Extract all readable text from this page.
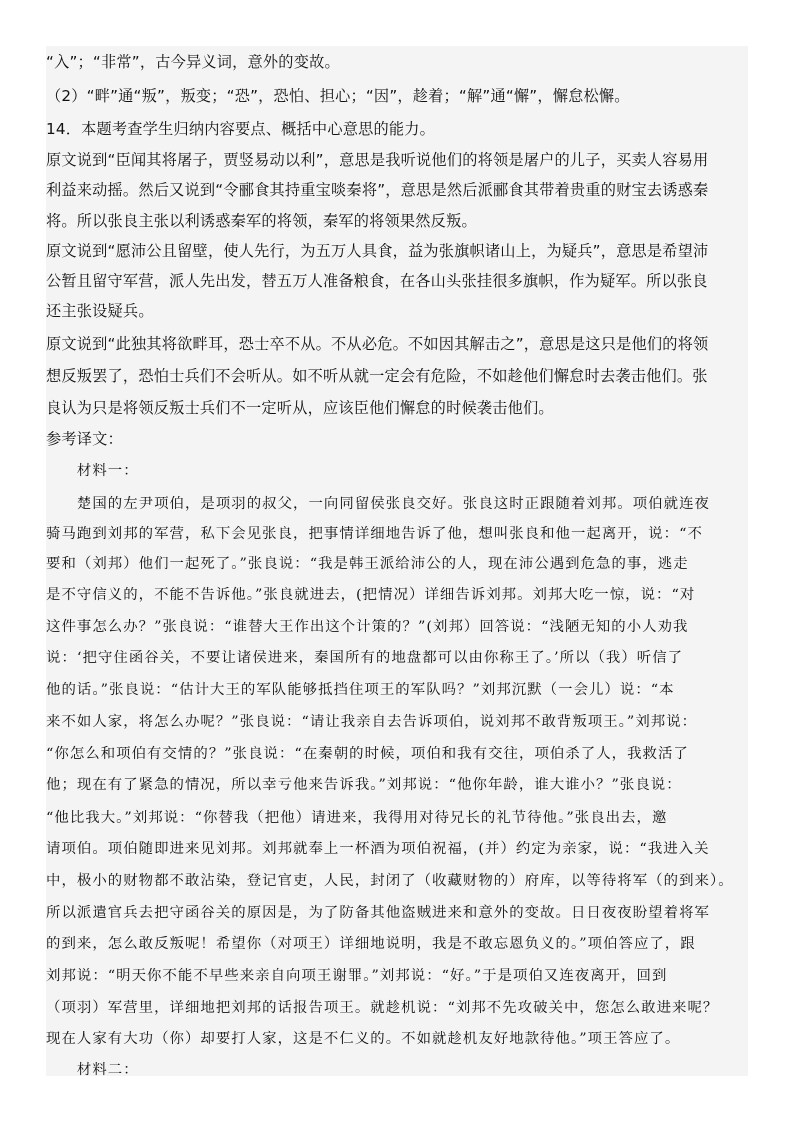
“入”；“非常”，古今异义词，意外的变故。
（2）“畔”通“叛”，叛变；“恐”，恐怕、担心；“因”，趁着；“解”通“懈”，懈怠松懈。
14．本题考查学生归纳内容要点、概括中心意思的能力。
原文说到“臣闻其将屠子，贾竖易动以利”，意思是我听说他们的将领是屠户的儿子，买卖人容易用
利益来动摇。然后又说到“令郦食其持重宝啖秦将”，意思是然后派郦食其带着贵重的财宝去诱惑秦
将。所以张良主张以利诱惑秦军的将领，秦军的将领果然反叛。
原文说到“愿沛公且留壁，使人先行，为五万人具食，益为张旗帜诸山上，为疑兵”，意思是希望沛
公暂且留守军营，派人先出发，替五万人准备粮食，在各山头张挂很多旗帜，作为疑军。所以张良
还主张设疑兵。
原文说到“此独其将欲畔耳，恐士卒不从。不从必危。不如因其解击之”，意思是这只是他们的将领
想反叛罢了，恐怕士兵们不会听从。如不听从就一定会有危险，不如趁他们懈怠时去袭击他们。张
良认为只是将领反叛士兵们不一定听从，应该臣他们懈怠的时候袭击他们。
参考译文：
　　材料一：
　　楚国的左尹项伯，是项羽的叔父，一向同留侯张良交好。张良这时正跟随着刘邦。项伯就连夜
骑马跑到刘邦的军营，私下会见张良，把事情详细地告诉了他，想叫张良和他一起离开，说：“不
要和（刘邦）他们一起死了。”张良说：“我是韩王派给沛公的人，现在沛公遇到危急的事，逃走
是不守信义的，不能不告诉他。”张良就进去，(把情况）详细告诉刘邦。刘邦大吃一惊，说：“对
这件事怎么办？”张良说：“谁替大王作出这个计策的？”(刘邦）回答说：“浅陋无知的小人劝我
说：‘把守住函谷关，不要让诸侯进来，秦国所有的地盘都可以由你称王了。’所以（我）听信了
他的话。”张良说：“估计大王的军队能够抵挡住项王的军队吗？”刘邦沉默（一会儿）说：“本
来不如人家，将怎么办呢？”张良说：“请让我亲自去告诉项伯，说刘邦不敢背叛项王。”刘邦说：
“你怎么和项伯有交情的？”张良说：“在秦朝的时候，项伯和我有交往，项伯杀了人，我救活了
他；现在有了紧急的情况，所以幸亏他来告诉我。”刘邦说：“他你年龄，谁大谁小？”张良说：
“他比我大。”刘邦说：“你替我（把他）请进来，我得用对待兄长的礼节待他。”张良出去，邀
请项伯。项伯随即进来见刘邦。刘邦就奉上一杯酒为项伯祝福，(并）约定为亲家，说：“我进入关
中，极小的财物都不敢沾染，登记官吏，人民，封闭了（收藏财物的）府库，以等待将军（的到来）。
所以派遣官兵去把守函谷关的原因是，为了防备其他盗贼进来和意外的变故。日日夜夜盼望着将军
的到来，怎么敢反叛呢！希望你（对项王）详细地说明，我是不敢忘恩负义的。”项伯答应了，跟
刘邦说：“明天你不能不早些来亲自向项王谢罪。”刘邦说：“好。”于是项伯又连夜离开，回到
（项羽）军营里，详细地把刘邦的话报告项王。就趁机说：“刘邦不先攻破关中，您怎么敢进来呢？
现在人家有大功（你）却要打人家，这是不仁义的。不如就趁机友好地款待他。”项王答应了。
　　材料二：
